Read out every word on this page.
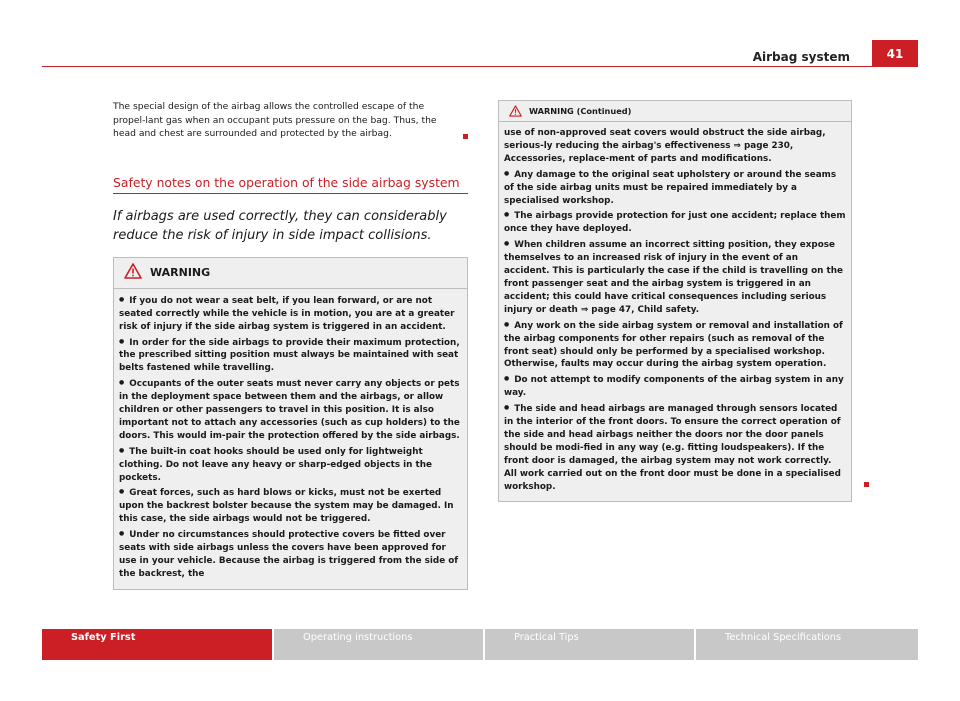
Airbag system	41

The special design of the airbag allows the controlled escape of the propel-lant gas when an occupant puts pressure on the bag. Thus, the head and chest are surrounded and protected by the airbag.

Safety notes on the operation of the side airbag system

If airbags are used correctly, they can considerably reduce the risk of injury in side impact collisions.

WARNING

● If you do not wear a seat belt, if you lean forward, or are not seated correctly while the vehicle is in motion, you are at a greater risk of injury if the side airbag system is triggered in an accident.

● In order for the side airbags to provide their maximum protection, the prescribed sitting position must always be maintained with seat belts fastened while travelling.

● Occupants of the outer seats must never carry any objects or pets in the deployment space between them and the airbags, or allow children or other passengers to travel in this position. It is also important not to attach any accessories (such as cup holders) to the doors. This would im-pair the protection offered by the side airbags.

● The built-in coat hooks should be used only for lightweight clothing. Do not leave any heavy or sharp-edged objects in the pockets.

● Great forces, such as hard blows or kicks, must not be exerted upon the backrest bolster because the system may be damaged. In this case, the side airbags would not be triggered.

● Under no circumstances should protective covers be fitted over seats with side airbags unless the covers have been approved for use in your vehicle. Because the airbag is triggered from the side of the backrest, the

WARNING (Continued)

use of non-approved seat covers would obstruct the side airbag, serious-ly reducing the airbag's effectiveness ⇒ page 230, Accessories, replace-ment of parts and modifications.

● Any damage to the original seat upholstery or around the seams of the side airbag units must be repaired immediately by a specialised workshop.

● The airbags provide protection for just one accident; replace them once they have deployed.

● When children assume an incorrect sitting position, they expose themselves to an increased risk of injury in the event of an accident. This is particularly the case if the child is travelling on the front passenger seat and the airbag system is triggered in an accident; this could have critical consequences including serious injury or death ⇒ page 47, Child safety.

● Any work on the side airbag system or removal and installation of the airbag components for other repairs (such as removal of the front seat) should only be performed by a specialised workshop. Otherwise, faults may occur during the airbag system operation.

● Do not attempt to modify components of the airbag system in any way.

● The side and head airbags are managed through sensors located in the interior of the front doors. To ensure the correct operation of the side and head airbags neither the doors nor the door panels should be modi-fied in any way (e.g. fitting loudspeakers). If the front door is damaged, the airbag system may not work correctly. All work carried out on the front door must be done in a specialised workshop.

Safety First	Operating instructions	Practical Tips	Technical Specifications
